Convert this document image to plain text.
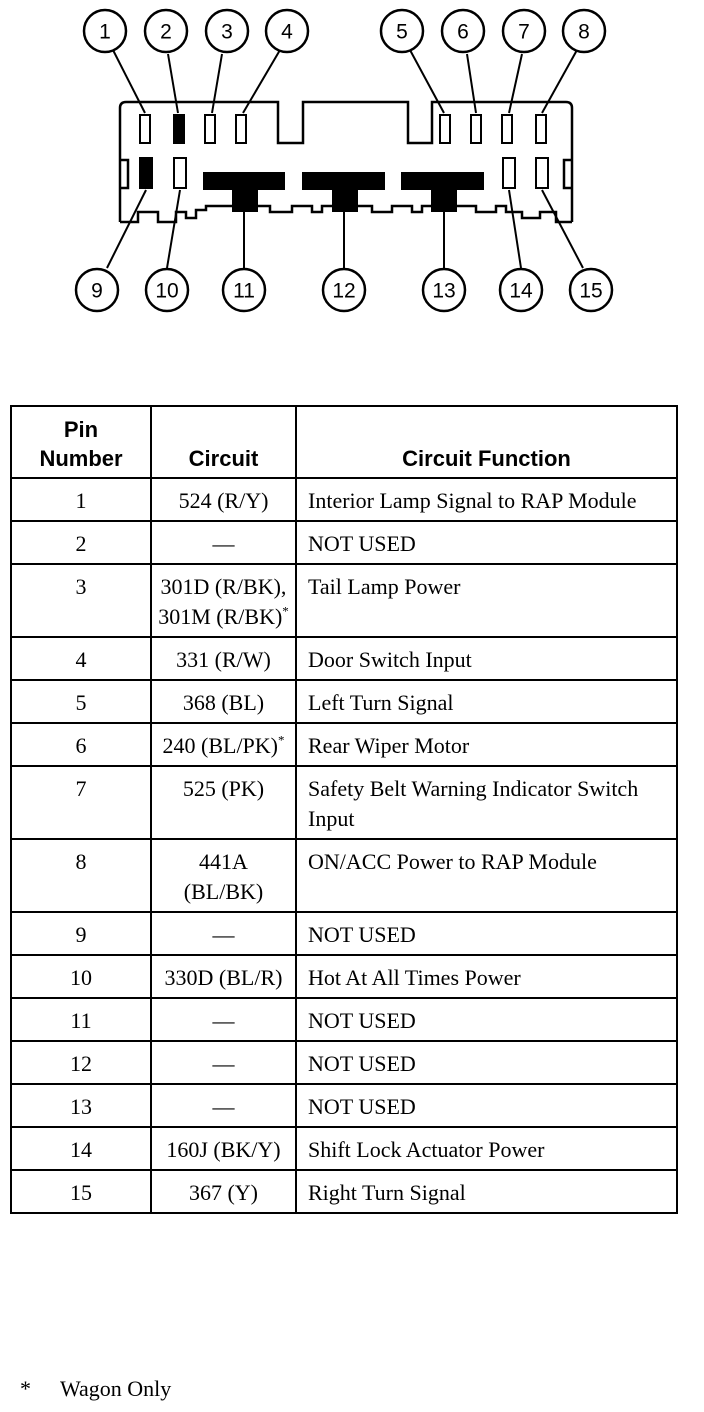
1 2 3 4	5 6 7 8
9 10	11	12	13	14 15
Pin
Number	Circuit	Circuit Function
1	524 (R/Y)	Interior Lamp Signal to RAP Module
2	—	NOT USED
3	301D (R/BK), 301M (R/BK)*	Tail Lamp Power
4	331 (R/W)	Door Switch Input
5	368 (BL)	Left Turn Signal
6	240 (BL/PK)*	Rear Wiper Motor
7	525 (PK)	Safety Belt Warning Indicator Switch Input
8	441A (BL/BK)	ON/ACC Power to RAP Module
9	—	NOT USED
10	330D (BL/R)	Hot At All Times Power
11	—	NOT USED
12	—	NOT USED
13	—	NOT USED
14	160J (BK/Y)	Shift Lock Actuator Power
15	367 (Y)	Right Turn Signal
* Wagon Only
